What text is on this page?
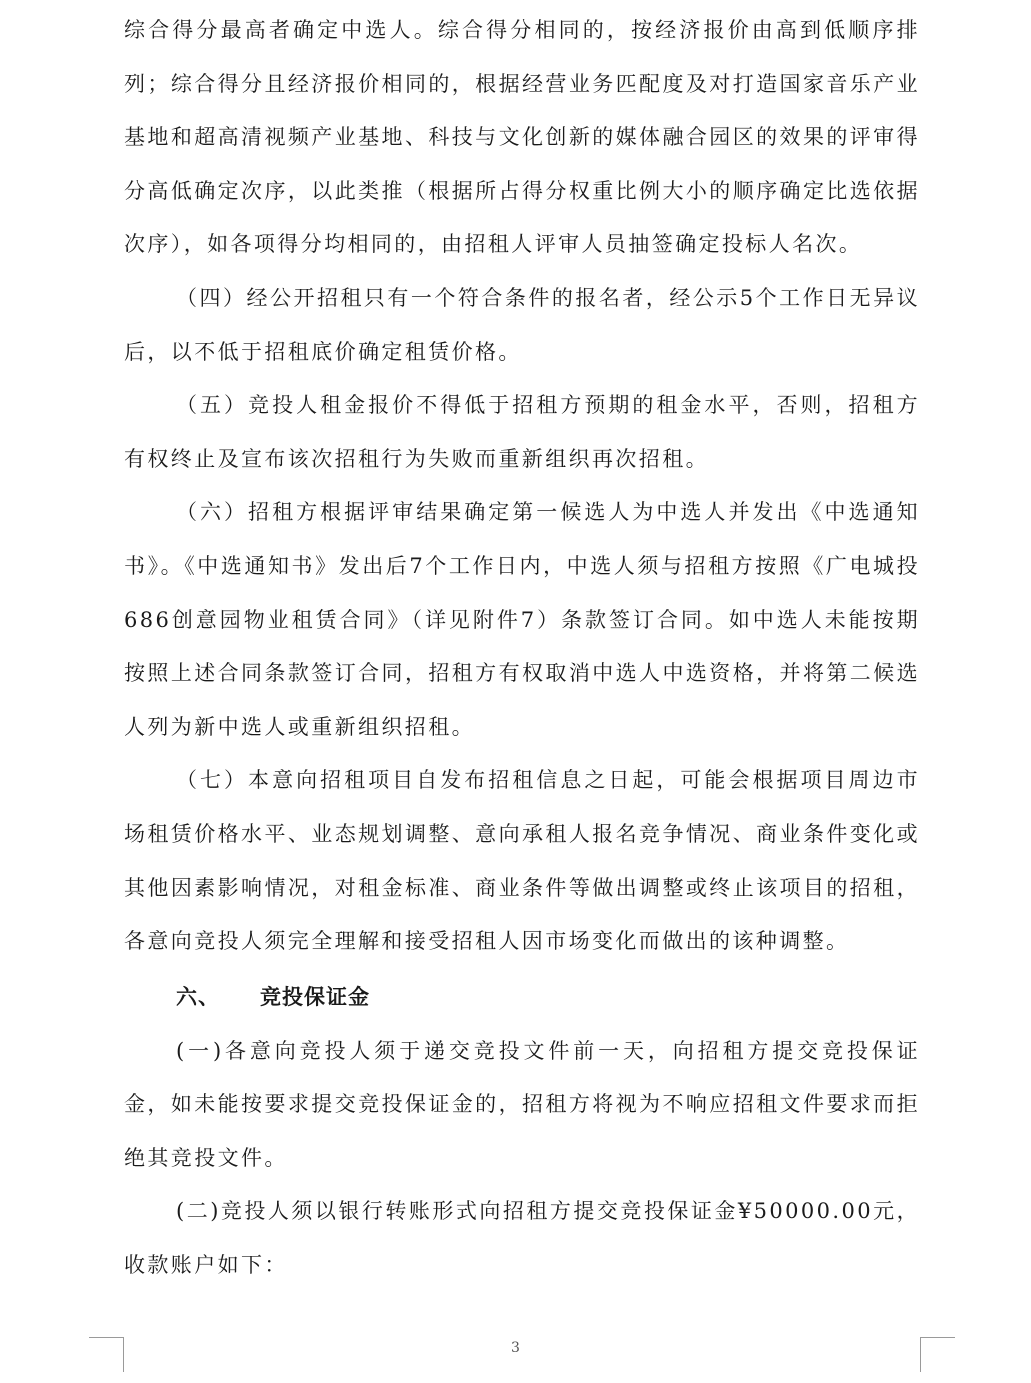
综合得分最高者确定中选人。综合得分相同的，按经济报价由高到低顺序排列；综合得分且经济报价相同的，根据经营业务匹配度及对打造国家音乐产业基地和超高清视频产业基地、科技与文化创新的媒体融合园区的效果的评审得分高低确定次序，以此类推（根据所占得分权重比例大小的顺序确定比选依据次序），如各项得分均相同的，由招租人评审人员抽签确定投标人名次。

（四）经公开招租只有一个符合条件的报名者，经公示5个工作日无异议后，以不低于招租底价确定租赁价格。

（五）竞投人租金报价不得低于招租方预期的租金水平，否则，招租方有权终止及宣布该次招租行为失败而重新组织再次招租。

（六）招租方根据评审结果确定第一候选人为中选人并发出《中选通知书》。《中选通知书》发出后7个工作日内，中选人须与招租方按照《广电城投686创意园物业租赁合同》（详见附件7）条款签订合同。如中选人未能按期按照上述合同条款签订合同，招租方有权取消中选人中选资格，并将第二候选人列为新中选人或重新组织招租。

（七）本意向招租项目自发布招租信息之日起，可能会根据项目周边市场租赁价格水平、业态规划调整、意向承租人报名竞争情况、商业条件变化或其他因素影响情况，对租金标准、商业条件等做出调整或终止该项目的招租，各意向竞投人须完全理解和接受招租人因市场变化而做出的该种调整。

六、 竞投保证金

(一)各意向竞投人须于递交竞投文件前一天，向招租方提交竞投保证金，如未能按要求提交竞投保证金的，招租方将视为不响应招租文件要求而拒绝其竞投文件。

(二)竞投人须以银行转账形式向招租方提交竞投保证金¥50000.00元，收款账户如下：

3
